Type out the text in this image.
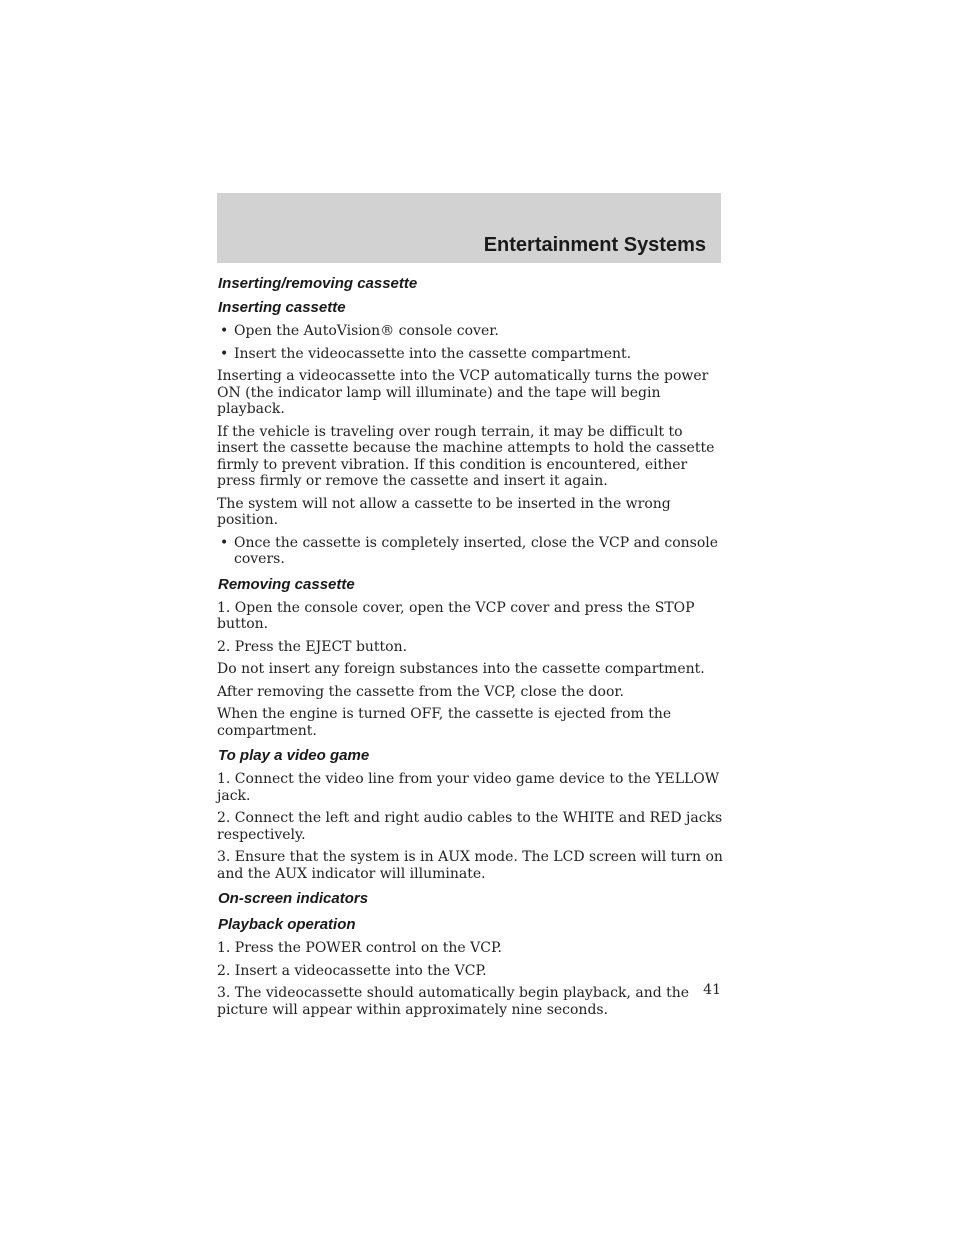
Entertainment Systems
Inserting/removing cassette
Inserting cassette
• Open the AutoVision® console cover.
• Insert the videocassette into the cassette compartment.
Inserting a videocassette into the VCP automatically turns the power ON (the indicator lamp will illuminate) and the tape will begin playback.
If the vehicle is traveling over rough terrain, it may be difficult to insert the cassette because the machine attempts to hold the cassette firmly to prevent vibration. If this condition is encountered, either press firmly or remove the cassette and insert it again.
The system will not allow a cassette to be inserted in the wrong position.
• Once the cassette is completely inserted, close the VCP and console covers.
Removing cassette
1. Open the console cover, open the VCP cover and press the STOP button.
2. Press the EJECT button.
Do not insert any foreign substances into the cassette compartment.
After removing the cassette from the VCP, close the door.
When the engine is turned OFF, the cassette is ejected from the compartment.
To play a video game
1. Connect the video line from your video game device to the YELLOW jack.
2. Connect the left and right audio cables to the WHITE and RED jacks respectively.
3. Ensure that the system is in AUX mode. The LCD screen will turn on and the AUX indicator will illuminate.
On-screen indicators
Playback operation
1. Press the POWER control on the VCP.
2. Insert a videocassette into the VCP.
3. The videocassette should automatically begin playback, and the picture will appear within approximately nine seconds.
41
